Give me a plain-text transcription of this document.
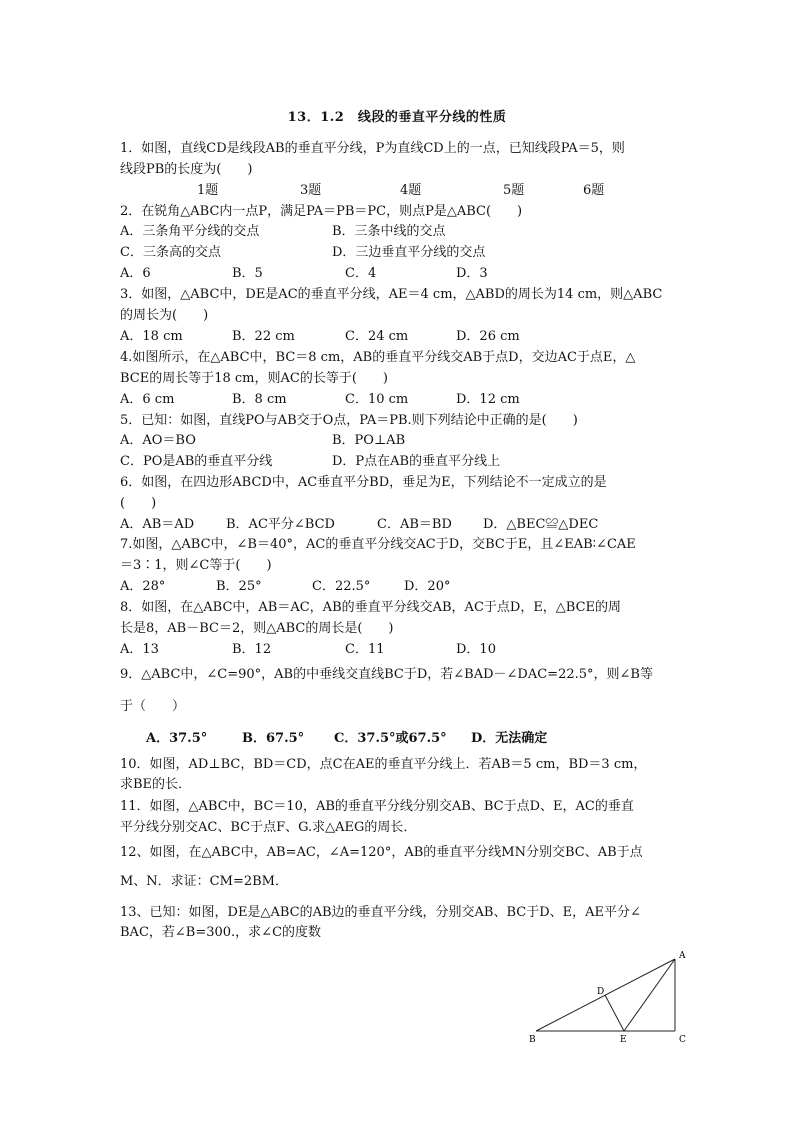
13．1.2　线段的垂直平分线的性质
1．如图，直线CD是线段AB的垂直平分线，P为直线CD上的一点，已知线段PA＝5，则
线段PB的长度为(　　)
1题	3题	4题	5题	6题
2．在锐角△ABC内一点P，满足PA＝PB＝PC，则点P是△ABC(　　)
A．三条角平分线的交点	B．三条中线的交点
C．三条高的交点	D．三边垂直平分线的交点
A．6	B．5	C．4	D．3
3．如图，△ABC中，DE是AC的垂直平分线，AE＝4 cm，△ABD的周长为14 cm，则△ABC
的周长为(　　)
A．18 cm	B．22 cm	C．24 cm	D．26 cm
4.如图所示，在△ABC中，BC＝8 cm，AB的垂直平分线交AB于点D，交边AC于点E，△
BCE的周长等于18 cm，则AC的长等于(　　)
A．6 cm	B．8 cm	C．10 cm	D．12 cm
5．已知：如图，直线PO与AB交于O点，PA＝PB.则下列结论中正确的是(　　)
A．AO＝BO	B．PO⊥AB
C．PO是AB的垂直平分线	D．P点在AB的垂直平分线上
6．如图，在四边形ABCD中，AC垂直平分BD，垂足为E，下列结论不一定成立的是
(　　)
A．AB＝AD B．AC平分∠BCD	C．AB＝BD D．△BEC≌△DEC
7.如图，△ABC中，∠B＝40°，AC的垂直平分线交AC于D，交BC于E，且∠EAB∶∠CAE
＝3∶1，则∠C等于(　　)
A．28°	B．25°	C．22.5°	D．20°
8．如图，在△ABC中，AB＝AC，AB的垂直平分线交AB，AC于点D，E，△BCE的周
长是8，AB－BC＝2，则△ABC的周长是(　　)
A．13	B．12	C．11	D．10
9．△ABC中，∠C=90°，AB的中垂线交直线BC于D，若∠BAD－∠DAC=22.5°，则∠B等
于（　　）
A．37.5°	B．67.5° C．37.5°或67.5° D．无法确定
10．如图，AD⊥BC，BD＝CD，点C在AE的垂直平分线上．若AB＝5 cm，BD＝3 cm，
求BE的长．
11．如图，△ABC中，BC＝10，AB的垂直平分线分别交AB、BC于点D、E，AC的垂直
平分线分别交AC、BC于点F、G.求△AEG的周长．
12、如图，在△ABC中，AB=AC，∠A=120°，AB的垂直平分线MN分别交BC、AB于点
M、N．求证：CM=2BM．
13、已知：如图，DE是△ABC的AB边的垂直平分线，分别交AB、BC于D、E，AE平分∠
BAC，若∠B=300.，求∠C的度数
A
B	C
D
E
